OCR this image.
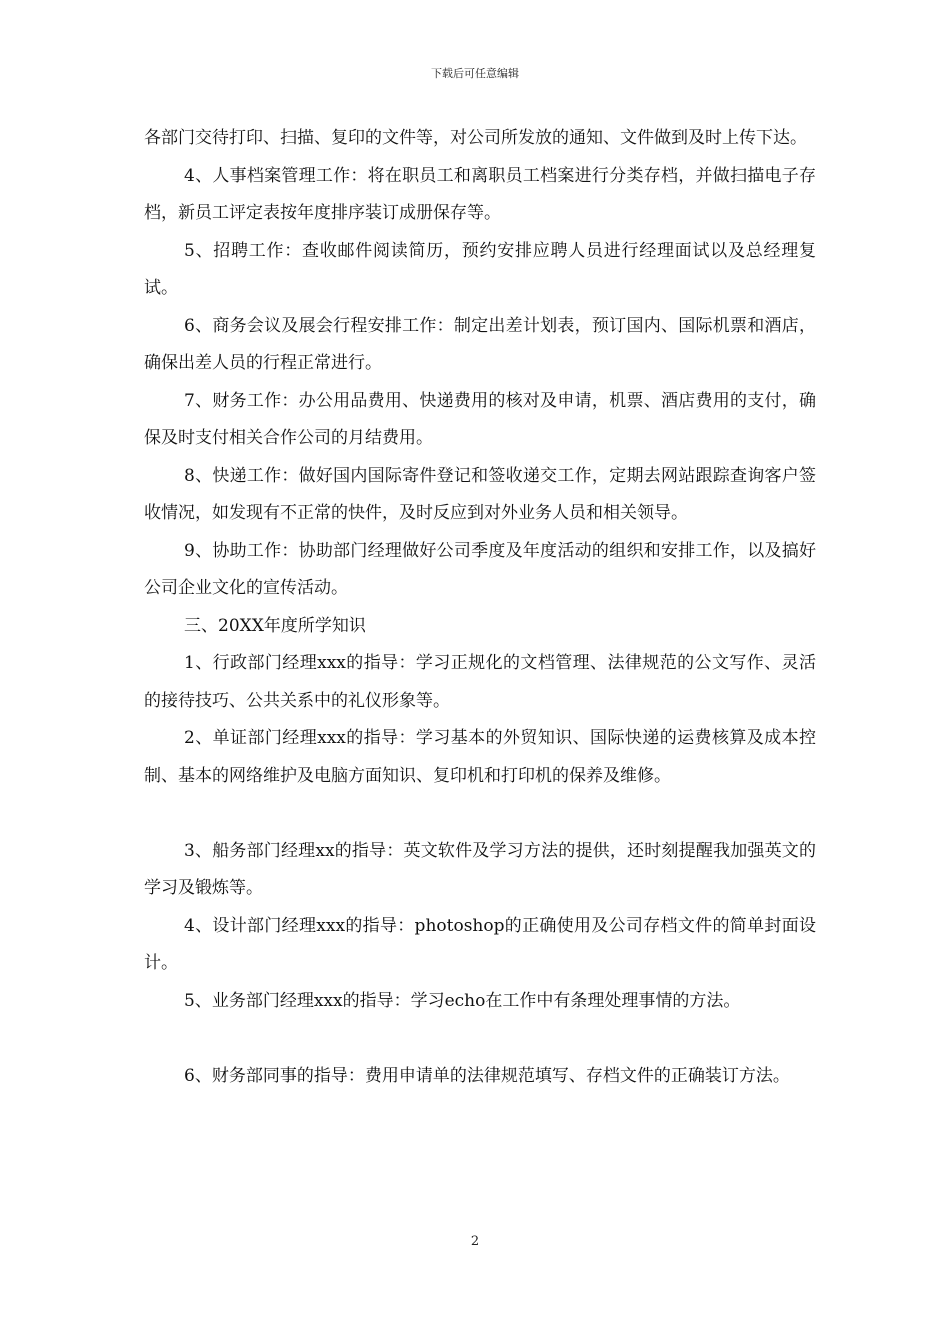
下载后可任意编辑

各部门交待打印、扫描、复印的文件等，对公司所发放的通知、文件做到及时上传下达。

4、人事档案管理工作：将在职员工和离职员工档案进行分类存档，并做扫描电子存档，新员工评定表按年度排序装订成册保存等。

5、招聘工作：查收邮件阅读简历，预约安排应聘人员进行经理面试以及总经理复试。

6、商务会议及展会行程安排工作：制定出差计划表，预订国内、国际机票和酒店，确保出差人员的行程正常进行。

7、财务工作：办公用品费用、快递费用的核对及申请，机票、酒店费用的支付，确保及时支付相关合作公司的月结费用。

8、快递工作：做好国内国际寄件登记和签收递交工作，定期去网站跟踪查询客户签收情况，如发现有不正常的快件，及时反应到对外业务人员和相关领导。

9、协助工作：协助部门经理做好公司季度及年度活动的组织和安排工作，以及搞好公司企业文化的宣传活动。

三、20XX年度所学知识

1、行政部门经理xxx的指导：学习正规化的文档管理、法律规范的公文写作、灵活的接待技巧、公共关系中的礼仪形象等。

2、单证部门经理xxx的指导：学习基本的外贸知识、国际快递的运费核算及成本控制、基本的网络维护及电脑方面知识、复印机和打印机的保养及维修。

3、船务部门经理xx的指导：英文软件及学习方法的提供，还时刻提醒我加强英文的学习及锻炼等。

4、设计部门经理xxx的指导：photoshop的正确使用及公司存档文件的简单封面设计。

5、业务部门经理xxx的指导：学习echo在工作中有条理处理事情的方法。

6、财务部同事的指导：费用申请单的法律规范填写、存档文件的正确装订方法。

2
